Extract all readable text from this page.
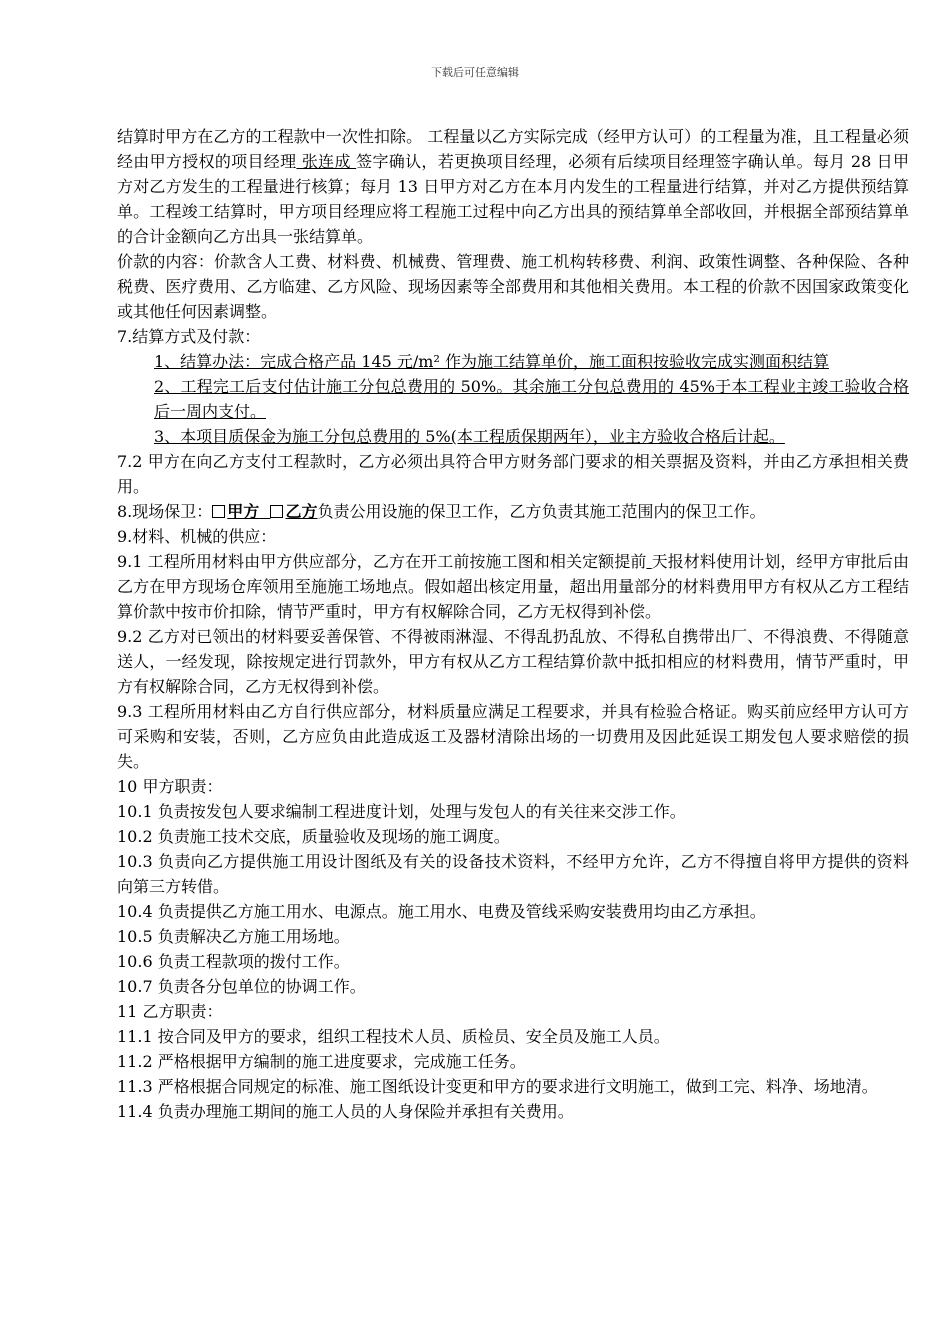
下载后可任意编辑

结算时甲方在乙方的工程款中一次性扣除。 工程量以乙方实际完成（经甲方认可）的工程量为准，且工程量必须经由甲方授权的项目经理 张连成 签字确认，若更换项目经理，必须有后续项目经理签字确认单。每月 28 日甲方对乙方发生的工程量进行核算；每月 13 日甲方对乙方在本月内发生的工程量进行结算，并对乙方提供预结算单。工程竣工结算时，甲方项目经理应将工程施工过程中向乙方出具的预结算单全部收回，并根据全部预结算单的合计金额向乙方出具一张结算单。

价款的内容：价款含人工费、材料费、机械费、管理费、施工机构转移费、利润、政策性调整、各种保险、各种税费、医疗费用、乙方临建、乙方风险、现场因素等全部费用和其他相关费用。本工程的价款不因国家政策变化或其他任何因素调整。

7.结算方式及付款：

1、结算办法：完成合格产品 145 元/m² 作为施工结算单价，施工面积按验收完成实测面积结算

2、工程完工后支付估计施工分包总费用的 50%。其余施工分包总费用的 45%于本工程业主竣工验收合格后一周内支付。

3、本项目质保金为施工分包总费用的 5%(本工程质保期两年），业主方验收合格后计起。

7.2 甲方在向乙方支付工程款时，乙方必须出具符合甲方财务部门要求的相关票据及资料，并由乙方承担相关费用。

8.现场保卫： 甲方 乙方负责公用设施的保卫工作，乙方负责其施工范围内的保卫工作。

9.材料、机械的供应：

9.1 工程所用材料由甲方供应部分，乙方在开工前按施工图和相关定额提前 天报材料使用计划，经甲方审批后由乙方在甲方现场仓库领用至施施工场地点。假如超出核定用量，超出用量部分的材料费用甲方有权从乙方工程结算价款中按市价扣除，情节严重时，甲方有权解除合同，乙方无权得到补偿。

9.2 乙方对已领出的材料要妥善保管、不得被雨淋湿、不得乱扔乱放、不得私自携带出厂、不得浪费、不得随意送人，一经发现，除按规定进行罚款外，甲方有权从乙方工程结算价款中抵扣相应的材料费用，情节严重时，甲方有权解除合同，乙方无权得到补偿。

9.3 工程所用材料由乙方自行供应部分，材料质量应满足工程要求，并具有检验合格证。购买前应经甲方认可方可采购和安装，否则，乙方应负由此造成返工及器材清除出场的一切费用及因此延误工期发包人要求赔偿的损失。

10 甲方职责：

10.1 负责按发包人要求编制工程进度计划，处理与发包人的有关往来交涉工作。

10.2 负责施工技术交底，质量验收及现场的施工调度。

10.3 负责向乙方提供施工用设计图纸及有关的设备技术资料，不经甲方允许，乙方不得擅自将甲方提供的资料向第三方转借。

10.4 负责提供乙方施工用水、电源点。施工用水、电费及管线采购安装费用均由乙方承担。

10.5 负责解决乙方施工用场地。

10.6 负责工程款项的拨付工作。

10.7 负责各分包单位的协调工作。

11 乙方职责：

11.1 按合同及甲方的要求，组织工程技术人员、质检员、安全员及施工人员。

11.2 严格根据甲方编制的施工进度要求，完成施工任务。

11.3 严格根据合同规定的标准、施工图纸设计变更和甲方的要求进行文明施工，做到工完、料净、场地清。

11.4 负责办理施工期间的施工人员的人身保险并承担有关费用。
